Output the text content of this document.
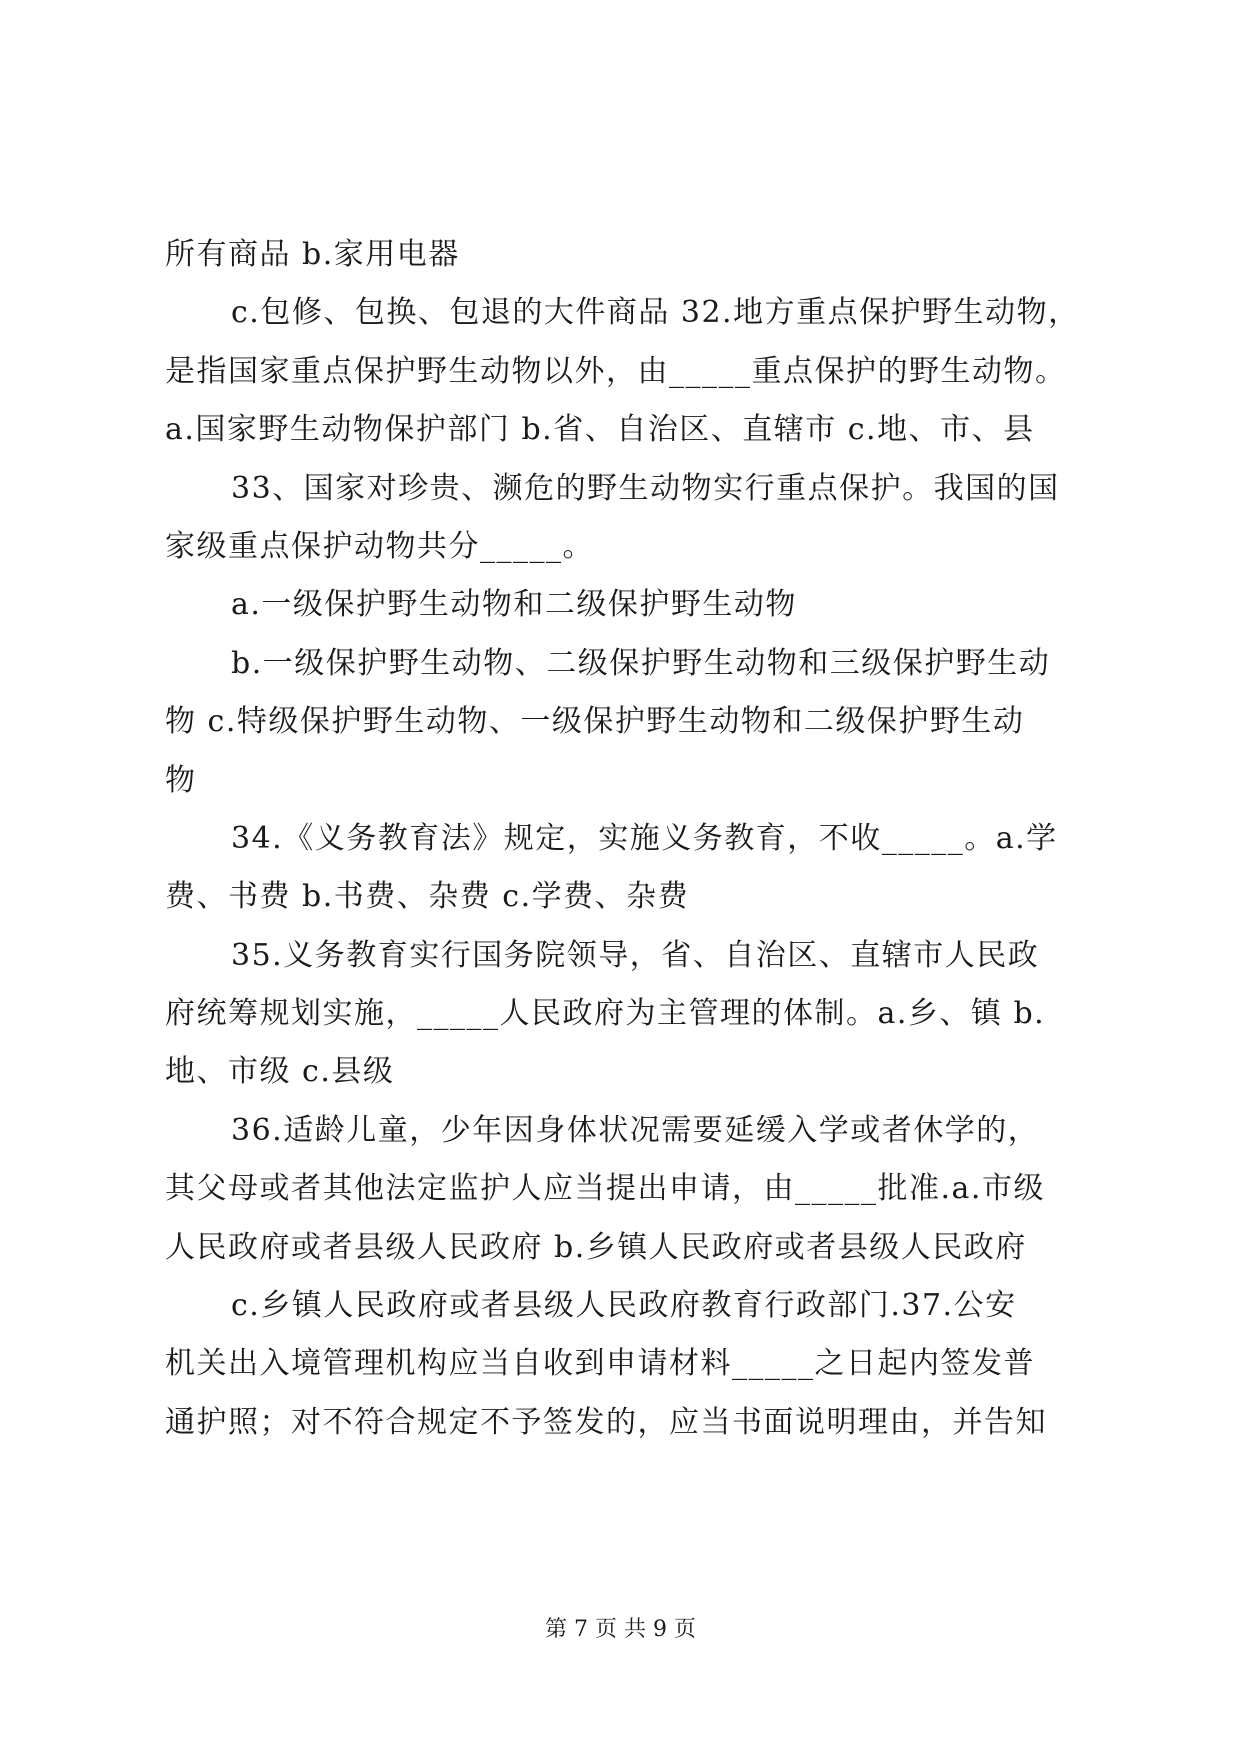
所有商品 b.家用电器
c.包修、包换、包退的大件商品 32.地方重点保护野生动物，
是指国家重点保护野生动物以外，由_____重点保护的野生动物。
a.国家野生动物保护部门 b.省、自治区、直辖市 c.地、市、县
33、国家对珍贵、濒危的野生动物实行重点保护。我国的国
家级重点保护动物共分_____。
a.一级保护野生动物和二级保护野生动物
b.一级保护野生动物、二级保护野生动物和三级保护野生动
物 c.特级保护野生动物、一级保护野生动物和二级保护野生动
物
34.《义务教育法》规定，实施义务教育，不收_____。a.学
费、书费 b.书费、杂费 c.学费、杂费
35.义务教育实行国务院领导，省、自治区、直辖市人民政
府统筹规划实施，_____人民政府为主管理的体制。a.乡、镇 b.
地、市级 c.县级
36.适龄儿童，少年因身体状况需要延缓入学或者休学的，
其父母或者其他法定监护人应当提出申请，由_____批准.a.市级
人民政府或者县级人民政府 b.乡镇人民政府或者县级人民政府
c.乡镇人民政府或者县级人民政府教育行政部门.37.公安
机关出入境管理机构应当自收到申请材料_____之日起内签发普
通护照；对不符合规定不予签发的，应当书面说明理由，并告知
第 7 页 共 9 页
